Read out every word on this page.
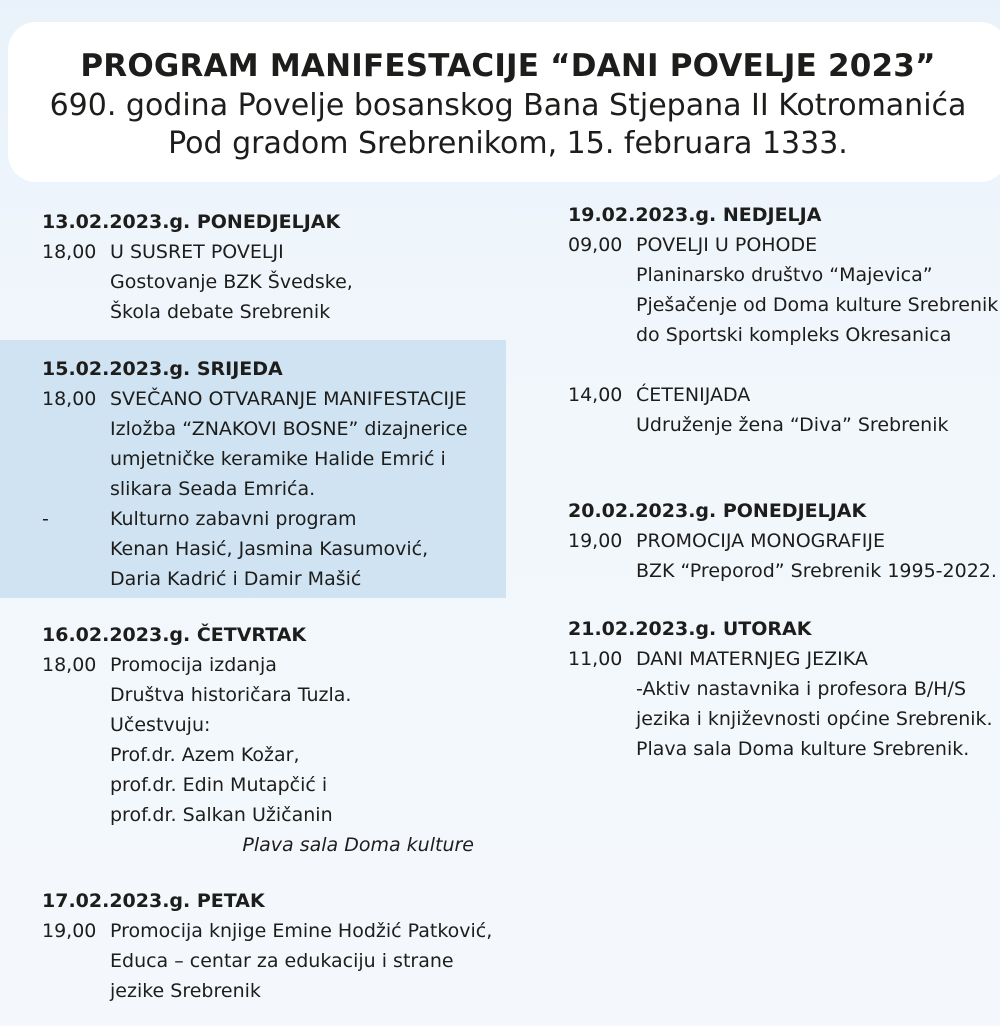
PROGRAM MANIFESTACIJE “DANI POVELJE 2023”
690. godina Povelje bosanskog Bana Stjepana II Kotromanića
Pod gradom Srebrenikom, 15. februara 1333.
13.02.2023.g. PONEDJELJAK
18,00 U SUSRET POVELJI
Gostovanje BZK Švedske,
Škola debate Srebrenik
15.02.2023.g. SRIJEDA
18,00 SVEČANO OTVARANJE MANIFESTACIJE
Izložba “ZNAKOVI BOSNE” dizajnerice
umjetničke keramike Halide Emrić i
slikara Seada Emrića.
-	Kulturno zabavni program
Kenan Hasić, Jasmina Kasumović,
Daria Kadrić i Damir Mašić
16.02.2023.g. ČETVRTAK
18,00 Promocija izdanja
Društva historičara Tuzla.
Učestvuju:
Prof.dr. Azem Kožar,
prof.dr. Edin Mutapčić i
prof.dr. Salkan Užičanin
Plava sala Doma kulture
17.02.2023.g. PETAK
19,00 Promocija knjige Emine Hodžić Patković,
Educa – centar za edukaciju i strane
jezike Srebrenik
19.02.2023.g. NEDJELJA
09,00 POVELJI U POHODE
Planinarsko društvo “Majevica”
Pješačenje od Doma kulture Srebrenik
do Sportski kompleks Okresanica
14,00 ĆETENIJADA
Udruženje žena “Diva” Srebrenik
20.02.2023.g. PONEDJELJAK
19,00 PROMOCIJA MONOGRAFIJE
BZK “Preporod” Srebrenik 1995-2022.
21.02.2023.g. UTORAK
11,00 DANI MATERNJEG JEZIKA
-Aktiv nastavnika i profesora B/H/S
jezika i književnosti općine Srebrenik.
Plava sala Doma kulture Srebrenik.
